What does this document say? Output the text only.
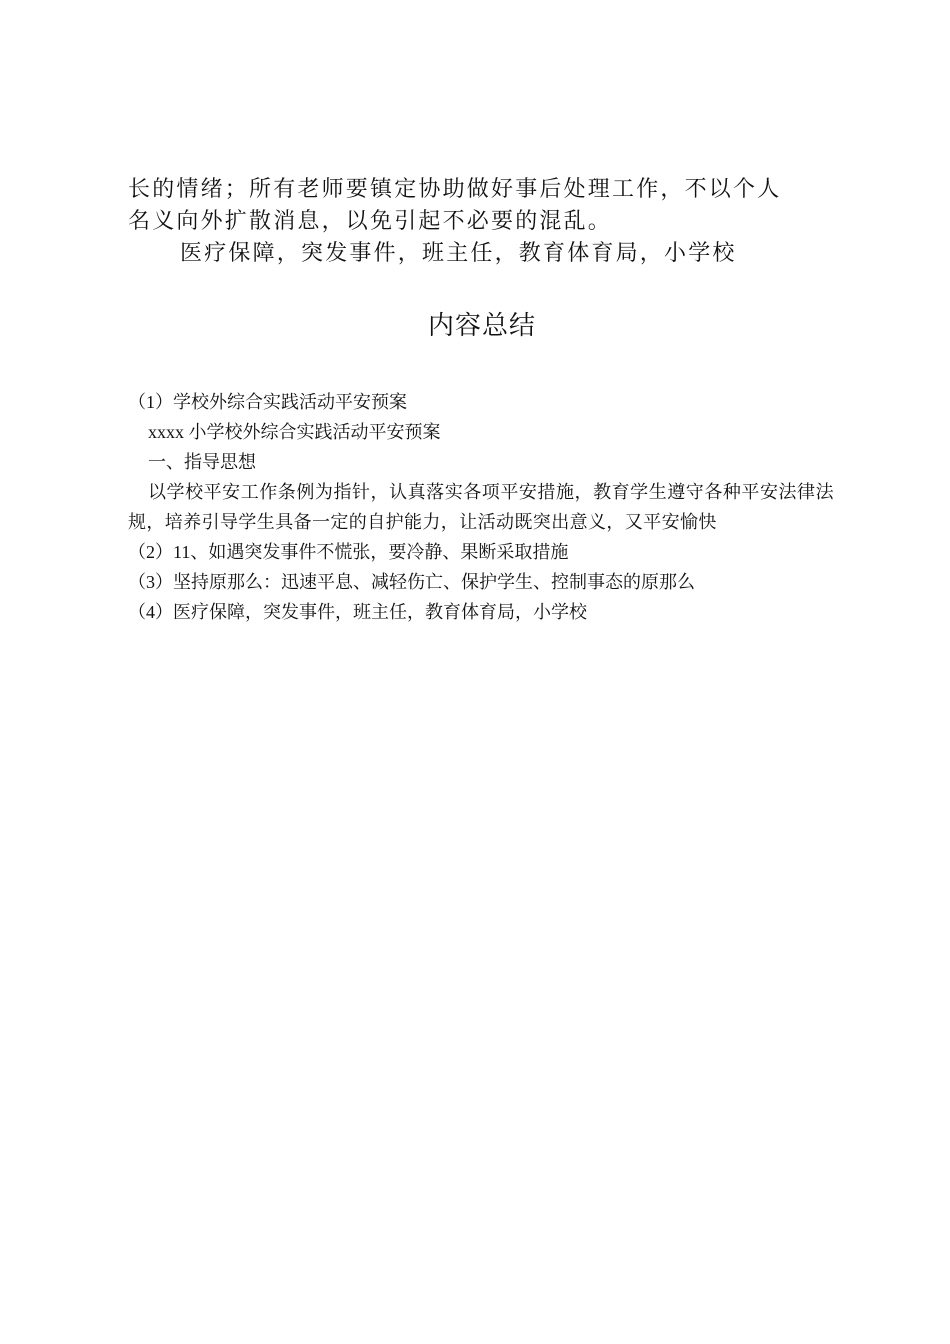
长的情绪；所有老师要镇定协助做好事后处理工作，不以个人

名义向外扩散消息，以免引起不必要的混乱。

医疗保障，突发事件，班主任，教育体育局，小学校

内容总结

（1）学校外综合实践活动平安预案

xxxx 小学校外综合实践活动平安预案

一、指导思想

以学校平安工作条例为指针，认真落实各项平安措施，教育学生遵守各种平安法律法规，培养引导学生具备一定的自护能力，让活动既突出意义，又平安愉快

（2）11、如遇突发事件不慌张，要冷静、果断采取措施

（3）坚持原那么：迅速平息、减轻伤亡、保护学生、控制事态的原那么

（4）医疗保障，突发事件，班主任，教育体育局，小学校
